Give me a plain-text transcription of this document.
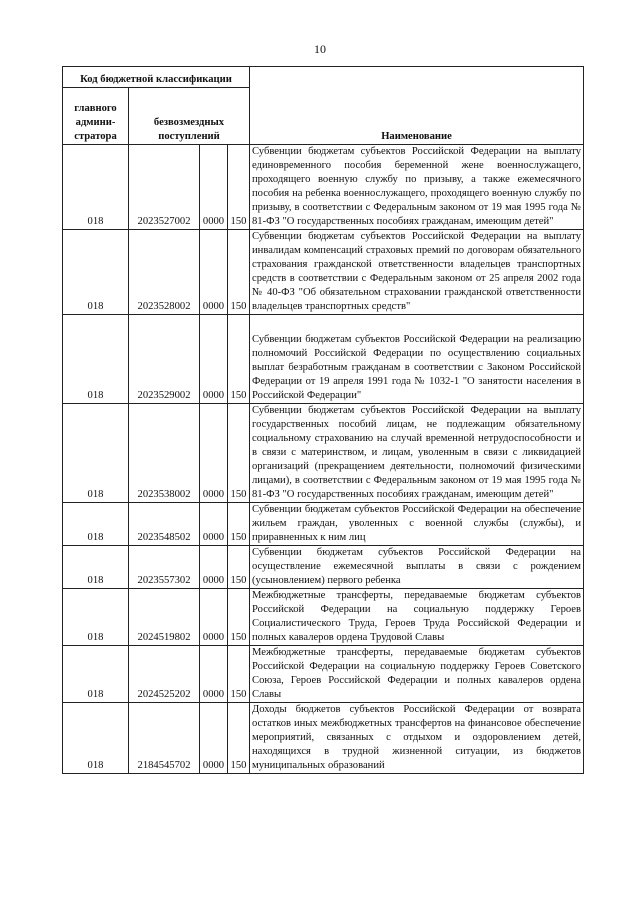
10
Код бюджетной классификации				Наименование
главного админи- стратора	безвозмездных поступлений			
018	2023527002	0000	150	Субвенции бюджетам субъектов Российской Федерации на выплату единовременного пособия беременной жене военнослужащего, проходящего военную службу по призыву, а также ежемесячного пособия на ребенка военнослужащего, проходящего военную службу по призыву, в соответствии с Федеральным законом от 19 мая 1995 года № 81-ФЗ "О государственных пособиях гражданам, имеющим детей"
018	2023528002	0000	150	Субвенции бюджетам субъектов Российской Федерации на выплату инвалидам компенсаций страховых премий по договорам обязательного страхования гражданской ответственности владельцев транспортных средств в соответствии с Федеральным законом от 25 апреля 2002 года № 40-ФЗ "Об обязательном страховании гражданской ответственности владельцев транспортных средств"
018	2023529002	0000	150	Субвенции бюджетам субъектов Российской Федерации на реализацию полномочий Российской Федерации по осуществлению социальных выплат безработным гражданам в соответствии с Законом Российской Федерации от 19 апреля 1991 года № 1032-1 "О занятости населения в Российской Федерации"
018	2023538002	0000	150	Субвенции бюджетам субъектов Российской Федерации на выплату государственных пособий лицам, не подлежащим обязательному социальному страхованию на случай временной нетрудоспособности и в связи с материнством, и лицам, уволенным в связи с ликвидацией организаций (прекращением деятельности, полномочий физическими лицами), в соответствии с Федеральным законом от 19 мая 1995 года № 81-ФЗ "О государственных пособиях гражданам, имеющим детей"
018	2023548502	0000	150	Субвенции бюджетам субъектов Российской Федерации на обеспечение жильем граждан, уволенных с военной службы (службы), и приравненных к ним лиц
018	2023557302	0000	150	Субвенции бюджетам субъектов Российской Федерации на осуществление ежемесячной выплаты в связи с рождением (усыновлением) первого ребенка
018	2024519802	0000	150	Межбюджетные трансферты, передаваемые бюджетам субъектов Российской Федерации на социальную поддержку Героев Социалистического Труда, Героев Труда Российской Федерации и полных кавалеров ордена Трудовой Славы
018	2024525202	0000	150	Межбюджетные трансферты, передаваемые бюджетам субъектов Российской Федерации на социальную поддержку Героев Советского Союза, Героев Российской Федерации и полных кавалеров ордена Славы
018	2184545702	0000	150	Доходы бюджетов субъектов Российской Федерации от возврата остатков иных межбюджетных трансфертов на финансовое обеспечение мероприятий, связанных с отдыхом и оздоровлением детей, находящихся в трудной жизненной ситуации, из бюджетов муниципальных образований
